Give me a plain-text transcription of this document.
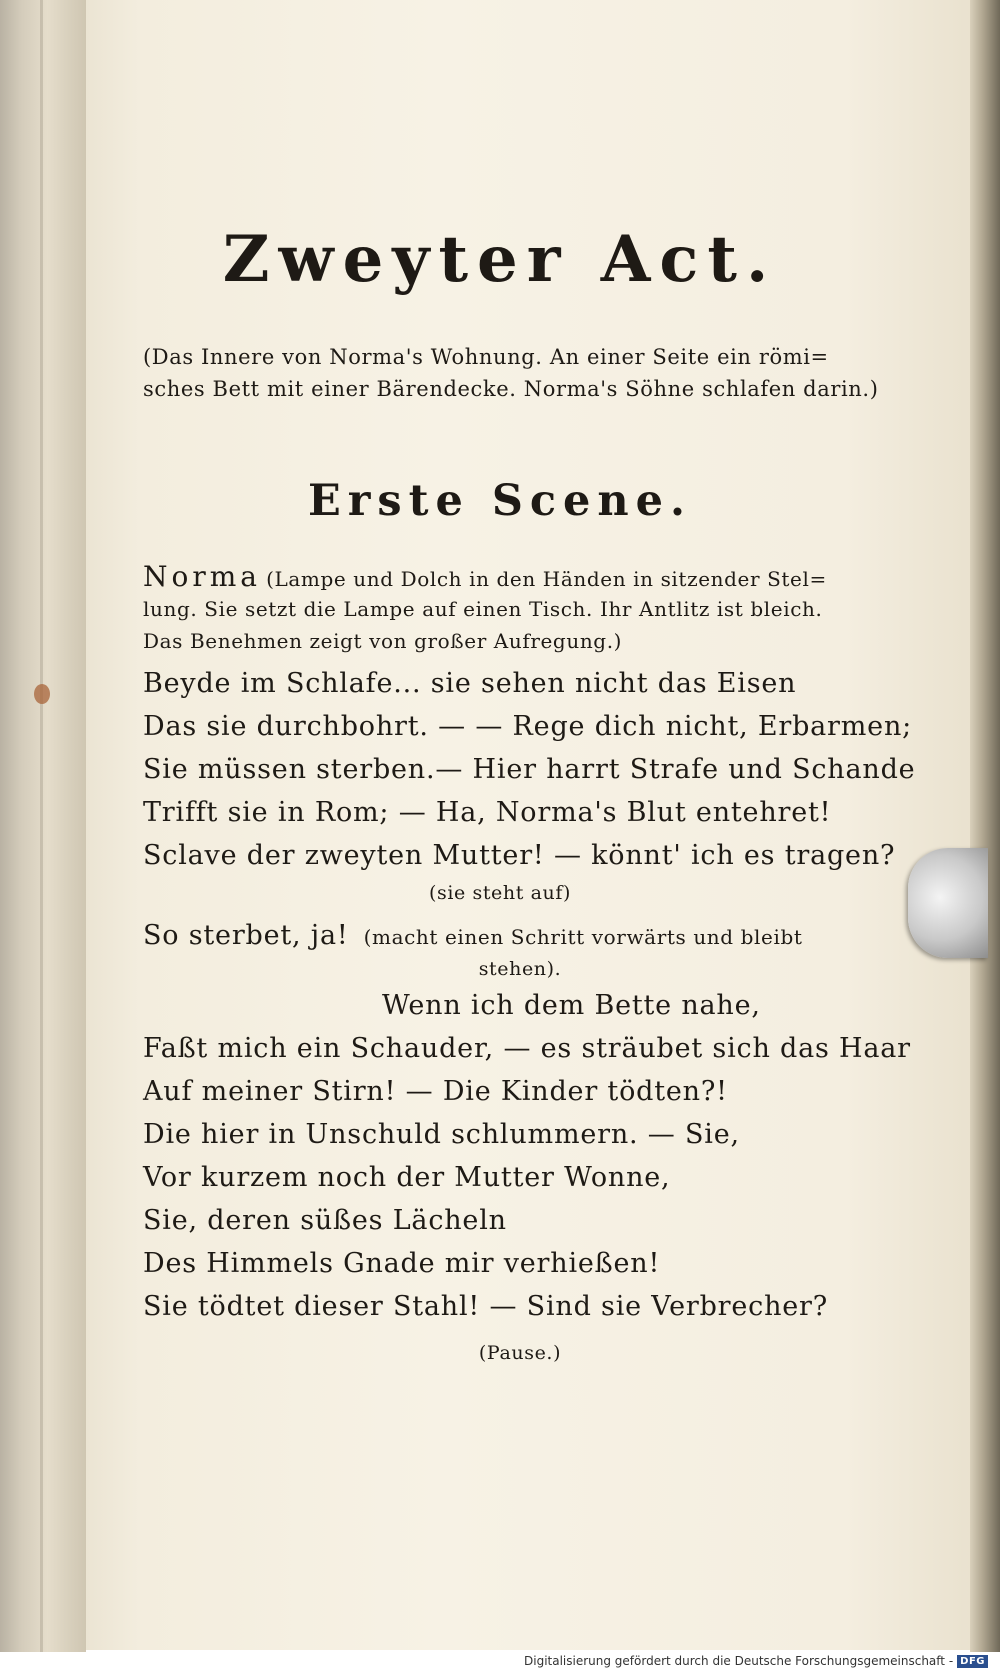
Zweyter Act.
(Das Innere von Norma's Wohnung. An einer Seite ein römi=
sches Bett mit einer Bärendecke. Norma's Söhne schlafen darin.)
Erste Scene.
Norma (Lampe und Dolch in den Händen in sitzender Stel=
lung. Sie setzt die Lampe auf einen Tisch. Ihr Antlitz ist bleich.
Das Benehmen zeigt von großer Aufregung.)
Beyde im Schlafe... sie sehen nicht das Eisen
Das sie durchbohrt. — — Rege dich nicht, Erbarmen;
Sie müssen sterben.— Hier harrt Strafe und Schande
Trifft sie in Rom; — Ha, Norma's Blut entehret!
Sclave der zweyten Mutter! — könnt' ich es tragen?
(sie steht auf)
So sterbet, ja! (macht einen Schritt vorwärts und bleibt
stehen).
Wenn ich dem Bette nahe,
Faßt mich ein Schauder, — es sträubet sich das Haar
Auf meiner Stirn! — Die Kinder tödten?!
Die hier in Unschuld schlummern. — Sie,
Vor kurzem noch der Mutter Wonne,
Sie, deren süßes Lächeln
Des Himmels Gnade mir verhießen!
Sie tödtet dieser Stahl! — Sind sie Verbrecher?
(Pause.)
Digitalisierung gefördert durch die Deutsche Forschungsgemeinschaft - DFG
